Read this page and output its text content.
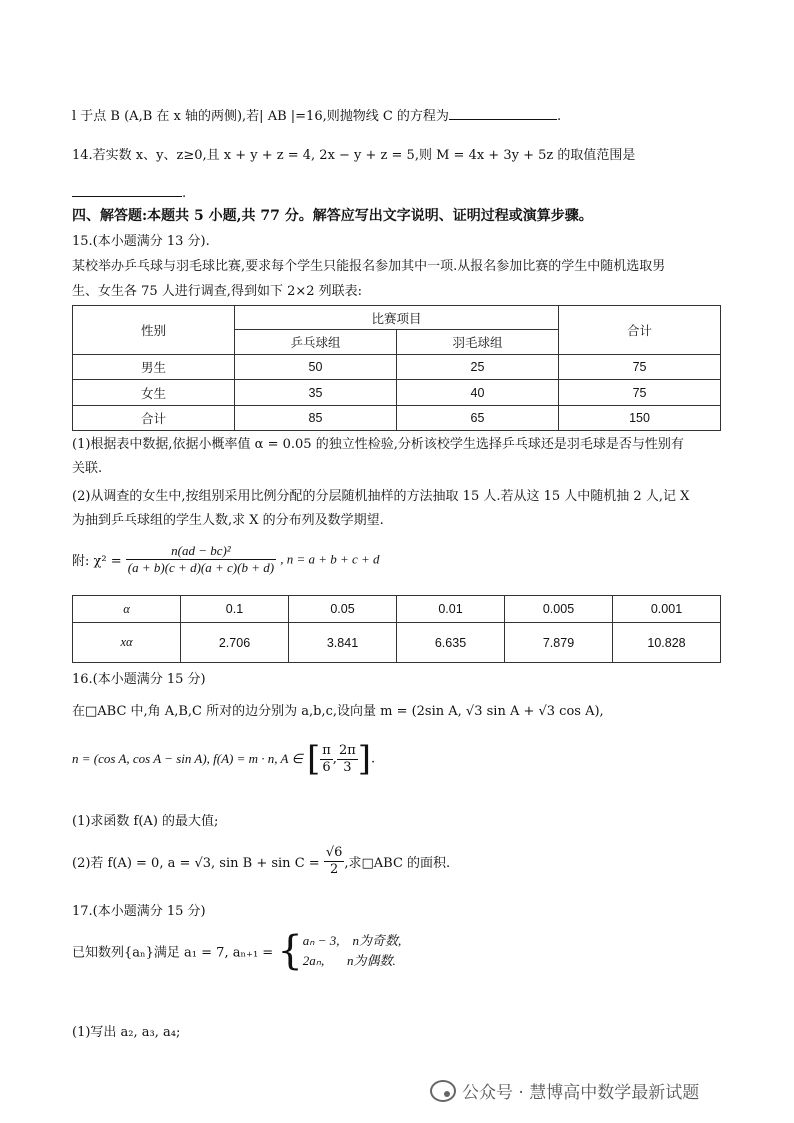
l 于点 B (A,B 在 x 轴的两侧),若| AB |=16,则抛物线 C 的方程为	.
14.若实数 x、y、z≥0,且 x + y + z = 4, 2x − y + z = 5,则 M = 4x + 3y + 5z 的取值范围是
.
四、解答题:本题共 5 小题,共 77 分。解答应写出文字说明、证明过程或演算步骤。
15.(本小题满分 13 分).
某校举办乒乓球与羽毛球比赛,要求每个学生只能报名参加其中一项.从报名参加比赛的学生中随机选取男
生、女生各 75 人进行调查,得到如下 2×2 列联表:
性别	比赛项目		合计
	乒乓球组	羽毛球组	
男生	50	25	75
女生	35	40	75
合计	85	65	150
(1)根据表中数据,依据小概率值 α = 0.05 的独立性检验,分析该校学生选择乒乓球还是羽毛球是否与性别有
关联.
(2)从调查的女生中,按组别采用比例分配的分层随机抽样的方法抽取 15 人.若从这 15 人中随机抽 2 人,记 X
为抽到乒乓球组的学生人数,求 X 的分布列及数学期望.
附: $\chi^2 = \frac{\text{n(ad − bc)²}}{(a + b)(c + d)(a + c)(b + d)}$ , n = a + b + c + d
α	0.1	0.05	0.01	0.005	0.001
xα	2.706	3.841	6.635	7.879	10.828
16.(本小题满分 15 分)
在□ABC 中,角 A,B,C 所对的边分别为 a,b,c,设向量 m = (2sin A, √3 sin A + √3 cos A),
n = (cos A, cos A − sin A), f(A) = m · n, A ∈ [ $\frac{\pi}{6}$ , $\frac{2\pi}{3}$ ].
(1)求函数 f(A) 的最大值;
(2)若 f(A) = 0, a = √3, $\sin B + \sin C = \frac{√6}{2}$ ,求□ABC 的面积.
17.(本小题满分 15 分)
已知数列{aₙ}满足 a₁ = 7, aₙ₊₁ = { aₙ − 3,    n为奇数,
2aₙ,       n为偶数.
(1)写出 a₂, a₃, a₄;
公众号 · 慧博高中数学最新试题
